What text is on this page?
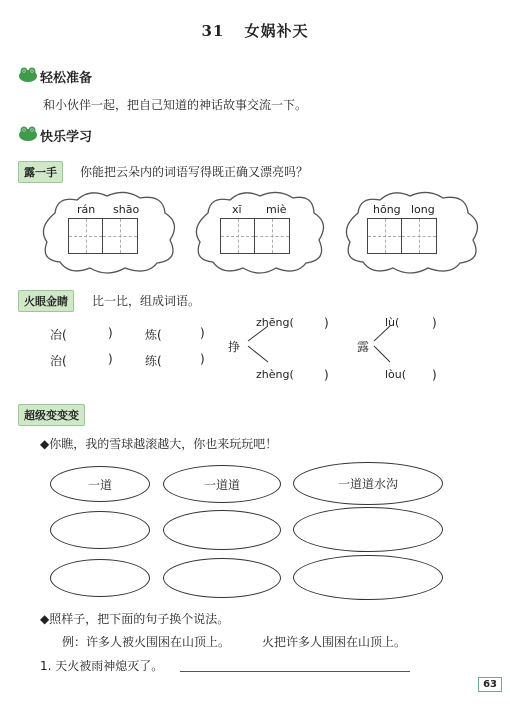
31 女娲补天
轻松准备
和小伙伴一起，把自己知道的神话故事交流一下。
快乐学习
露一手	你能把云朵内的词语写得既正确又漂亮吗？
rán shāo	xī miè	hōng long
火眼金睛	比一比，组成词语。
冶(	)	炼(	)
治(	)	练(	)
挣
zhēng(	)
zhèng(	)
露
lù(	)
lòu( )
超级变变变
◆你瞧，我的雪球越滚越大，你也来玩玩吧！
一道	一道道	一道道水沟
◆照样子，把下面的句子换个说法。
例：许多人被火围困在山顶上。	火把许多人围困在山顶上。
1. 天火被雨神熄灭了。
63
